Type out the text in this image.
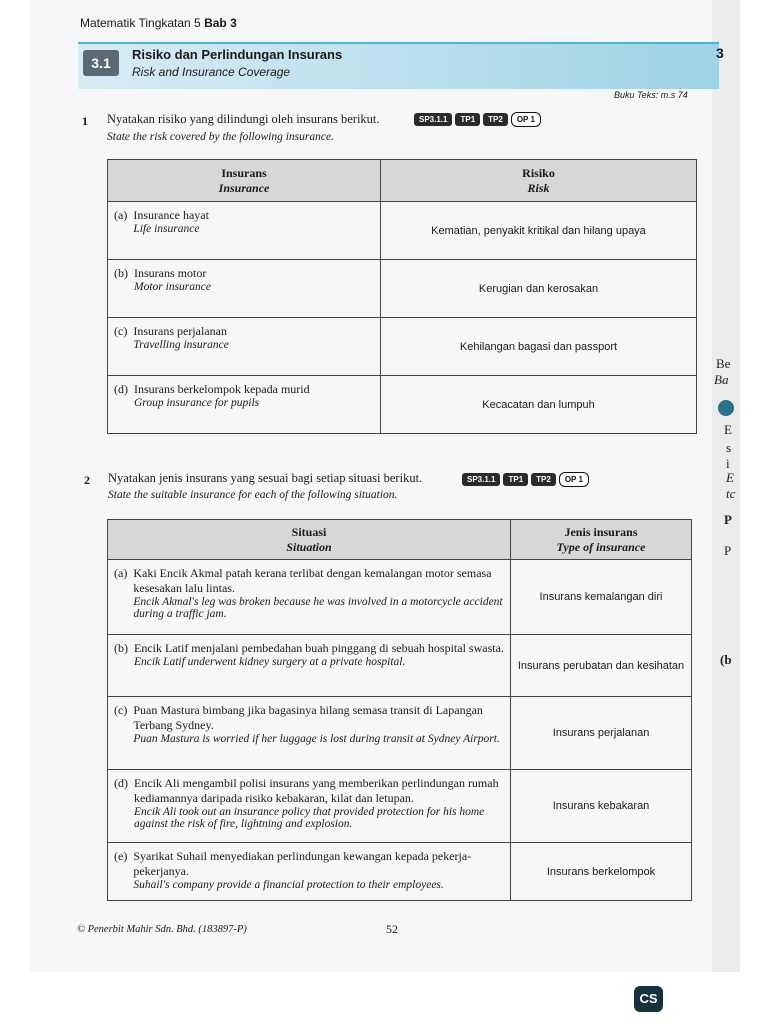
Be
Ba
E
s
i
E
tc
P
P
(b
Matematik Tingkatan 5 Bab 3
3.1
Risiko dan Perlindungan Insurans
Risk and Insurance Coverage
3
Buku Teks: m.s 74
1 Nyatakan risiko yang dilindungi oleh insurans berikut.
State the risk covered by the following insurance.
SP3.1.1	TP1	TP2	OP 1
Insurans
Insurance	Risiko
Risk

(a) Insurance hayat
Life insurance	Kematian, penyakit kritikal dan hilang upaya

(b) Insurans motor
Motor insurance	Kerugian dan kerosakan

(c) Insurans perjalanan
Travelling insurance	Kehilangan bagasi dan passport

(d) Insurans berkelompok kepada murid
Group insurance for pupils	Kecacatan dan lumpuh
2 Nyatakan jenis insurans yang sesuai bagi setiap situasi berikut.
State the suitable insurance for each of the following situation.
SP3.1.1	TP1	TP2	OP 1
Situasi
Situation	Jenis insurans
Type of insurance

(a) Kaki Encik Akmal patah kerana terlibat dengan kemalangan motor semasa kesesakan lalu lintas.
Encik Akmal's leg was broken because he was involved in a motorcycle accident during a traffic jam.	Insurans kemalangan diri

(b) Encik Latif menjalani pembedahan buah pinggang di sebuah hospital swasta.
Encik Latif underwent kidney surgery at a private hospital.	Insurans perubatan dan kesihatan

(c) Puan Mastura bimbang jika bagasinya hilang semasa transit di Lapangan Terbang Sydney.
Puan Mastura is worried if her luggage is lost during transit at Sydney Airport.	Insurans perjalanan

(d) Encik Ali mengambil polisi insurans yang memberikan perlindungan rumah kediamannya daripada risiko kebakaran, kilat dan letupan.
Encik Ali took out an insurance policy that provided protection for his home against the risk of fire, lightning and explosion.	Insurans kebakaran

(e) Syarikat Suhail menyediakan perlindungan kewangan kepada pekerja-pekerjanya.
Suhail's company provide a financial protection to their employees.	Insurans berkelompok
© Penerbit Mahir Sdn. Bhd. (183897-P)	52
CS
